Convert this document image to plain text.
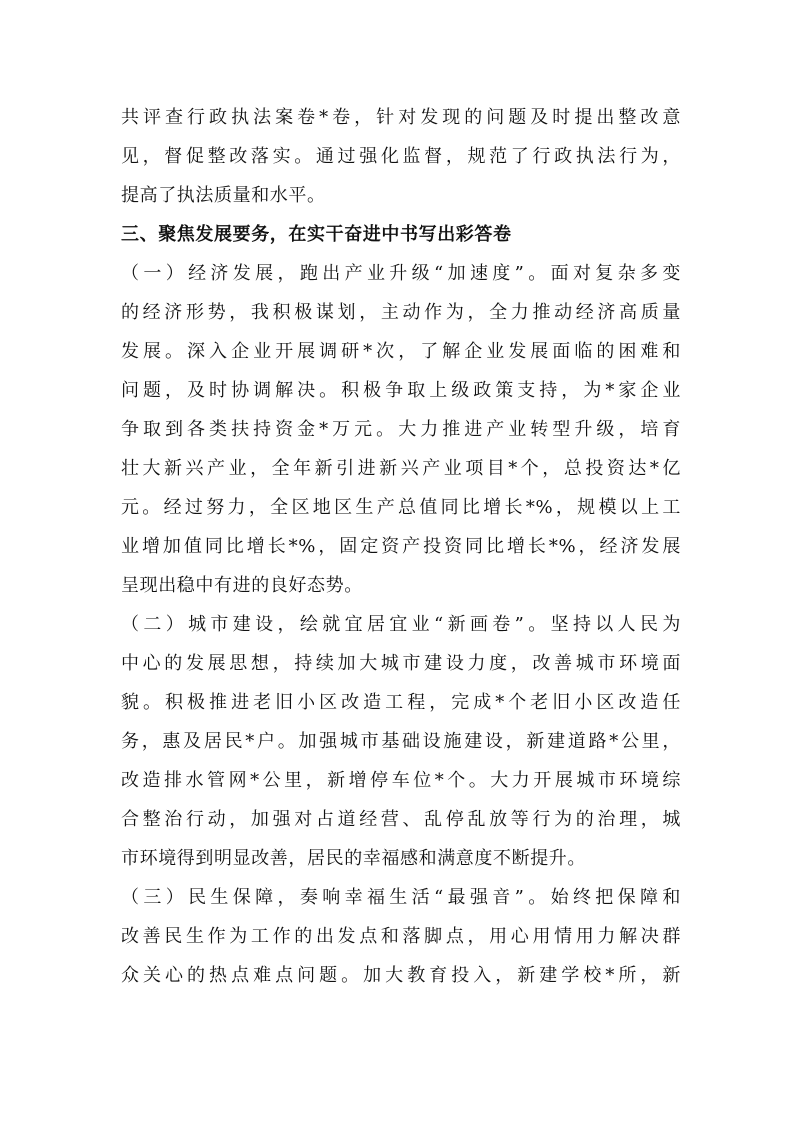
共评查行政执法案卷*卷，针对发现的问题及时提出整改意

见，督促整改落实。通过强化监督，规范了行政执法行为，

提高了执法质量和水平。

三、聚焦发展要务，在实干奋进中书写出彩答卷

（一）经济发展，跑出产业升级“加速度”。面对复杂多变

的经济形势，我积极谋划，主动作为，全力推动经济高质量

发展。深入企业开展调研*次，了解企业发展面临的困难和

问题，及时协调解决。积极争取上级政策支持，为*家企业

争取到各类扶持资金*万元。大力推进产业转型升级，培育

壮大新兴产业，全年新引进新兴产业项目*个，总投资达*亿

元。经过努力，全区地区生产总值同比增长*%，规模以上工

业增加值同比增长*%，固定资产投资同比增长*%，经济发展

呈现出稳中有进的良好态势。

（二）城市建设，绘就宜居宜业“新画卷”。坚持以人民为

中心的发展思想，持续加大城市建设力度，改善城市环境面

貌。积极推进老旧小区改造工程，完成*个老旧小区改造任

务，惠及居民*户。加强城市基础设施建设，新建道路*公里，

改造排水管网*公里，新增停车位*个。大力开展城市环境综

合整治行动，加强对占道经营、乱停乱放等行为的治理，城

市环境得到明显改善，居民的幸福感和满意度不断提升。

（三）民生保障，奏响幸福生活“最强音”。始终把保障和

改善民生作为工作的出发点和落脚点，用心用情用力解决群

众关心的热点难点问题。加大教育投入，新建学校*所，新
